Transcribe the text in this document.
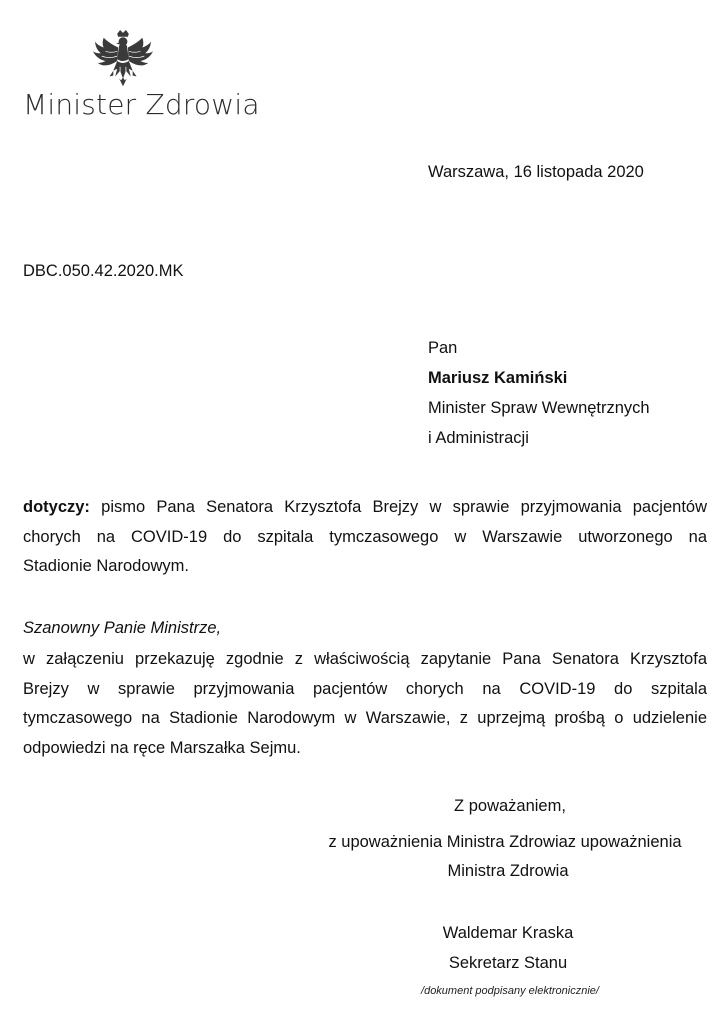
Minister Zdrowia
Warszawa, 16 listopada 2020
DBC.050.42.2020.MK
Pan
Mariusz Kamiński
Minister Spraw Wewnętrznych
i Administracji
dotyczy: pismo Pana Senatora Krzysztofa Brejzy w sprawie przyjmowania pacjentów
chorych na COVID-19 do szpitala tymczasowego w Warszawie utworzonego na
Stadionie Narodowym.
Szanowny Panie Ministrze,
w załączeniu przekazuję zgodnie z właściwością zapytanie Pana Senatora Krzysztofa
Brejzy w sprawie przyjmowania pacjentów chorych na COVID-19 do szpitala
tymczasowego na Stadionie Narodowym w Warszawie, z uprzejmą prośbą o udzielenie
odpowiedzi na ręce Marszałka Sejmu.
Z poważaniem,
z upoważnienia Ministra Zdrowiaz upoważnienia
Ministra Zdrowia
Waldemar Kraska
Sekretarz Stanu
/dokument podpisany elektronicznie/
